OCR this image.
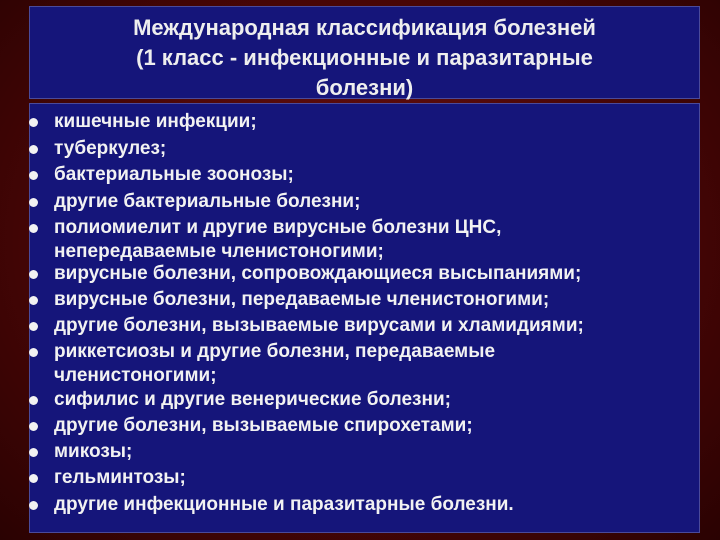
Международная классификация болезней
(1 класс - инфекционные и паразитарные
болезни)
кишечные инфекции;
туберкулез;
бактериальные зоонозы;
другие бактериальные болезни;
полиомиелит и другие вирусные болезни ЦНС,
непередаваемые членистоногими;
вирусные болезни, сопровождающиеся высыпаниями;
вирусные болезни, передаваемые членистоногими;
другие болезни, вызываемые вирусами и хламидиями;
риккетсиозы и другие болезни, передаваемые
членистоногими;
сифилис и другие венерические болезни;
другие болезни, вызываемые спирохетами;
микозы;
гельминтозы;
другие инфекционные и паразитарные болезни.
